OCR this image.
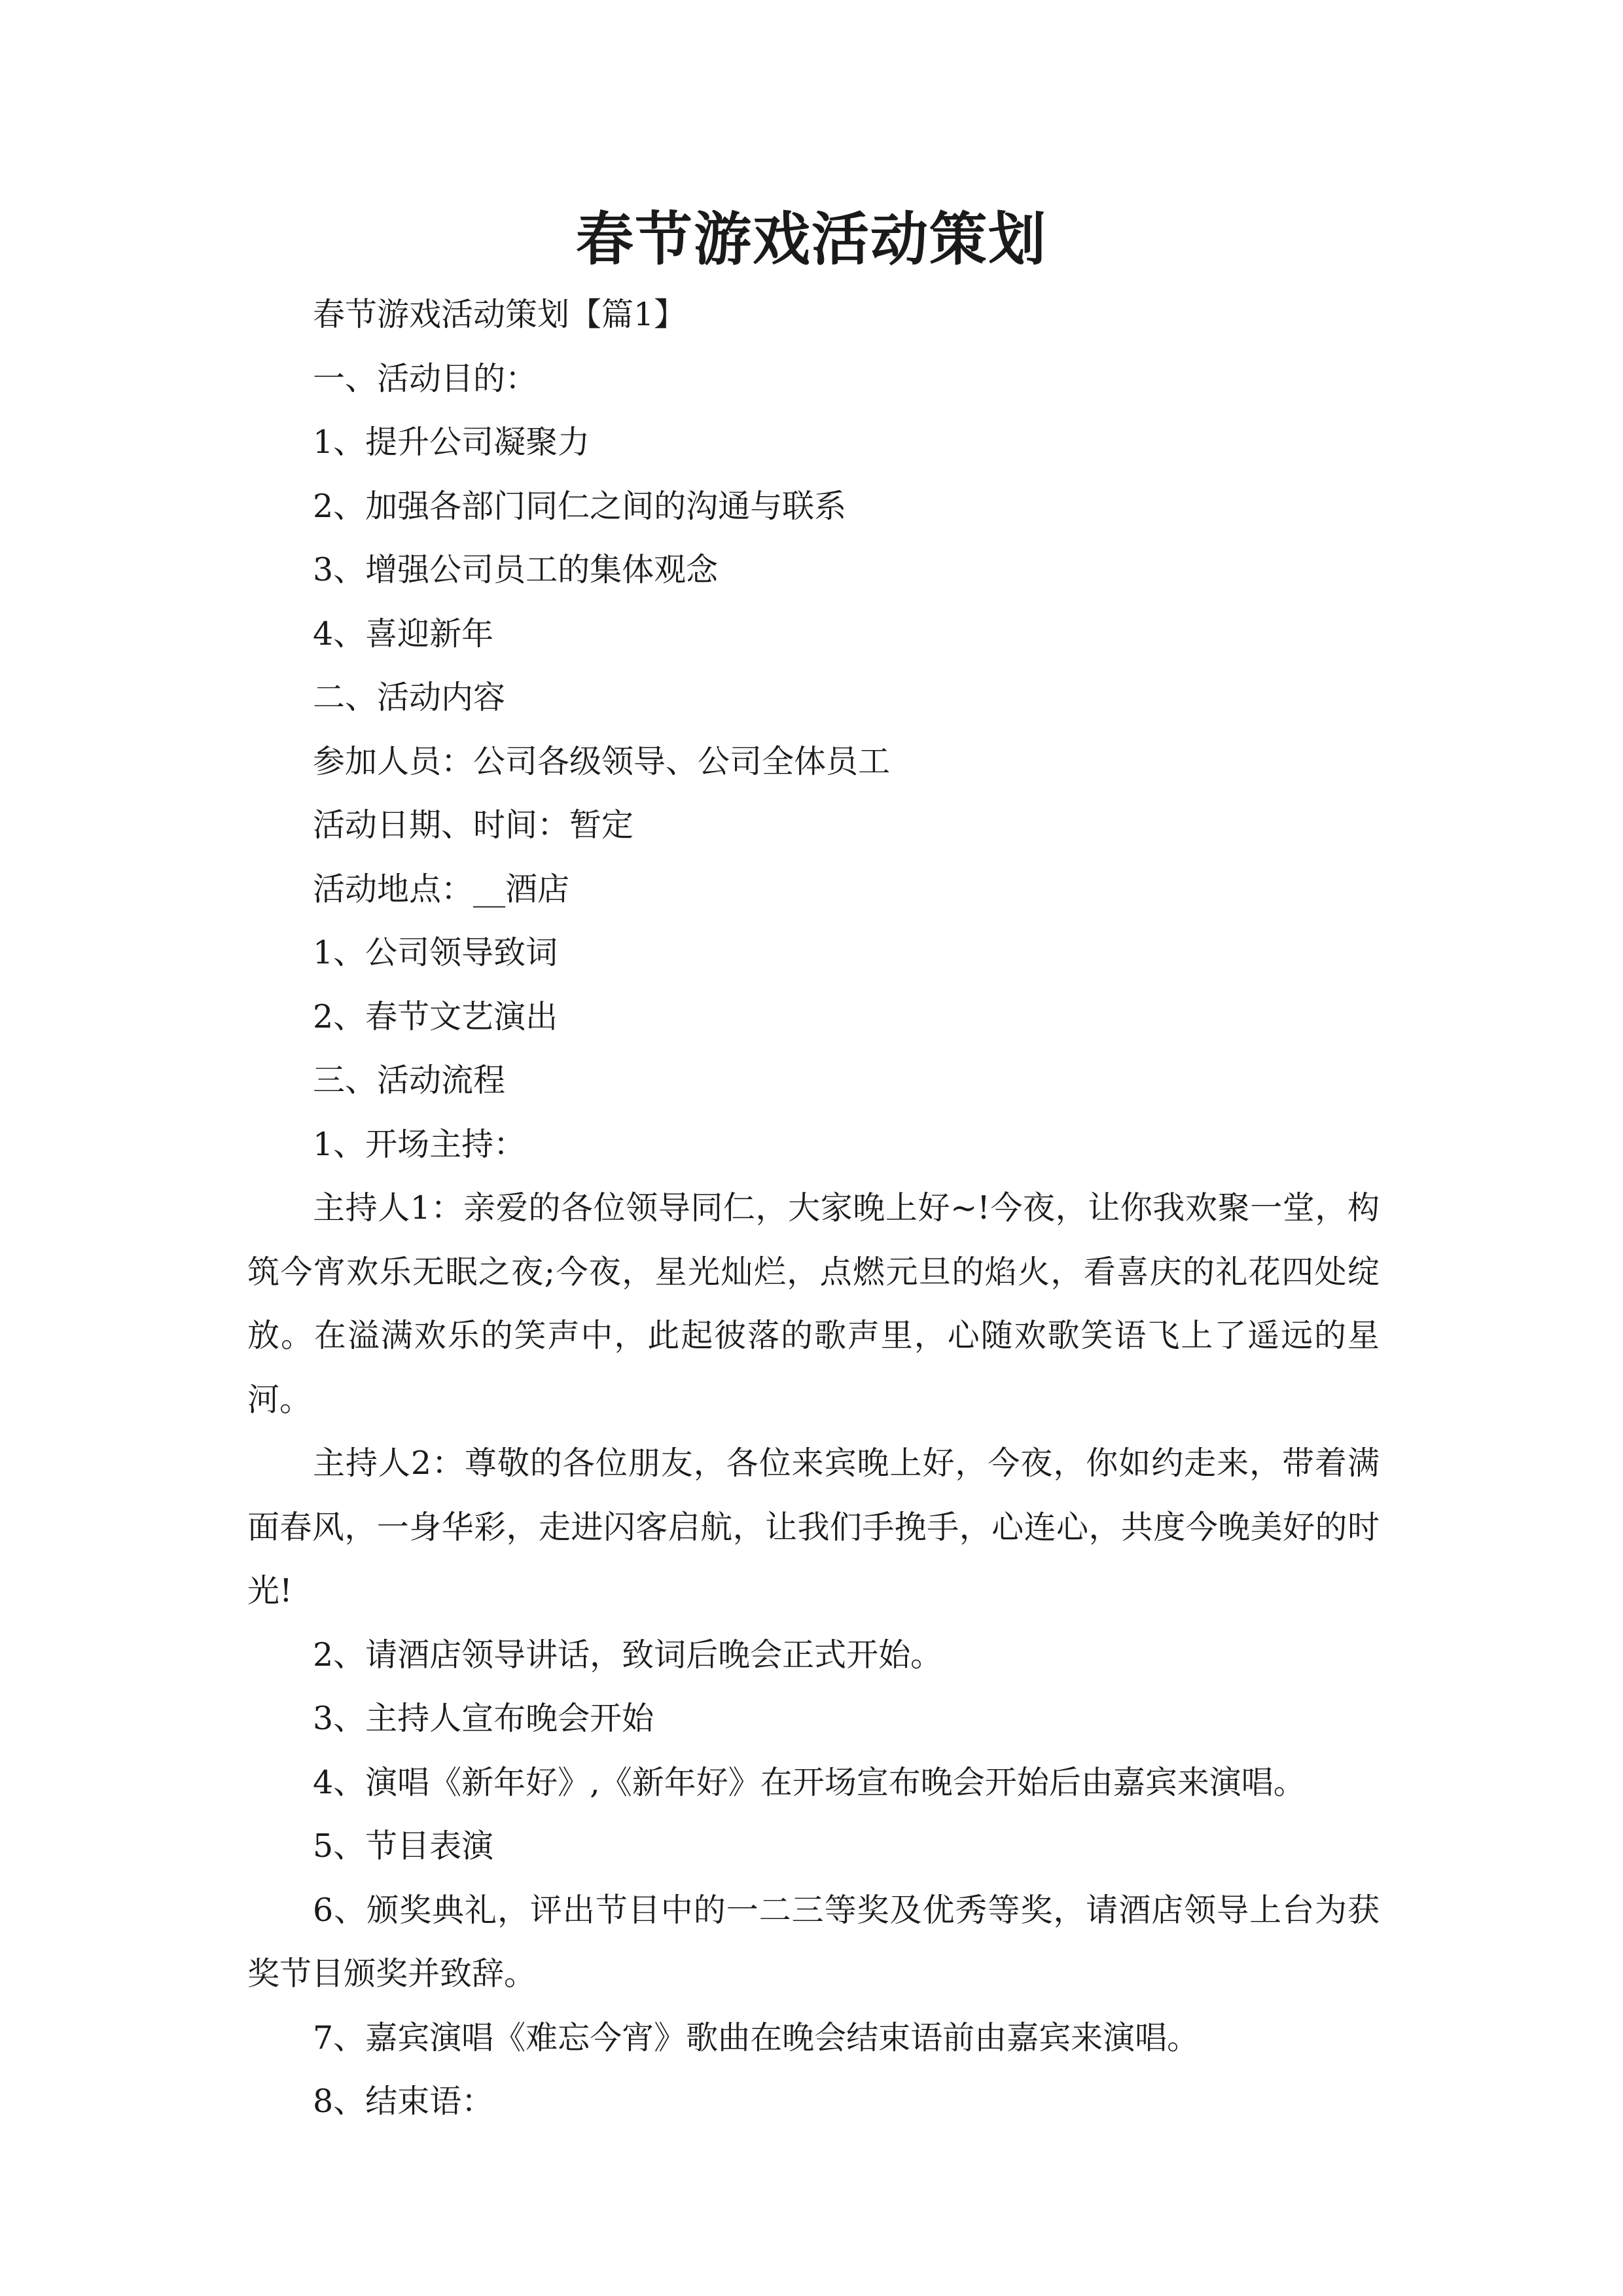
春节游戏活动策划

春节游戏活动策划【篇1】

一、活动目的：

1、提升公司凝聚力

2、加强各部门同仁之间的沟通与联系

3、增强公司员工的集体观念

4、喜迎新年

二、活动内容

参加人员：公司各级领导、公司全体员工

活动日期、时间：暂定

活动地点：__酒店

1、公司领导致词

2、春节文艺演出

三、活动流程

1、开场主持：

主持人1：亲爱的各位领导同仁，大家晚上好~!今夜，让你我欢聚一堂，构筑今宵欢乐无眠之夜;今夜，星光灿烂，点燃元旦的焰火，看喜庆的礼花四处绽放。在溢满欢乐的笑声中，此起彼落的歌声里，心随欢歌笑语飞上了遥远的星河。

主持人2：尊敬的各位朋友，各位来宾晚上好，今夜，你如约走来，带着满面春风，一身华彩，走进闪客启航，让我们手挽手，心连心，共度今晚美好的时光!

2、请酒店领导讲话，致词后晚会正式开始。

3、主持人宣布晚会开始

4、演唱《新年好》,《新年好》在开场宣布晚会开始后由嘉宾来演唱。

5、节目表演

6、颁奖典礼，评出节目中的一二三等奖及优秀等奖，请酒店领导上台为获奖节目颁奖并致辞。

7、嘉宾演唱《难忘今宵》歌曲在晚会结束语前由嘉宾来演唱。

8、结束语：
